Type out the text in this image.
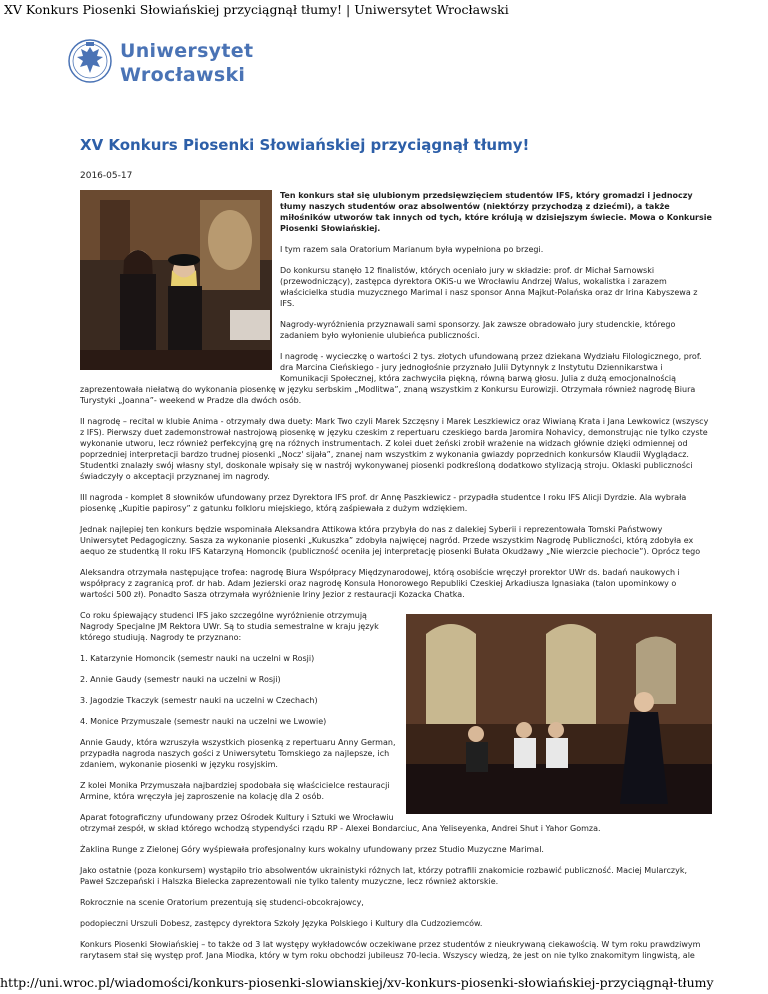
XV Konkurs Piosenki Słowiańskiej przyciągnął tłumy! | Uniwersytet Wrocławski
Uniwersytet
Wrocławski
XV Konkurs Piosenki Słowiańskiej przyciągnął tłumy!
2016-05-17

Ten konkurs stał się ulubionym przedsięwzięciem studentów IFS, który gromadzi i jednoczy tłumy naszych studentów oraz absolwentów (niektórzy przychodzą z dziećmi), a także miłośników utworów tak innych od tych, które królują w dzisiejszym świecie. Mowa o Konkursie Piosenki Słowiańskiej.

I tym razem sala Oratorium Marianum była wypełniona po brzegi.

Do konkursu stanęło 12 finalistów, których oceniało jury w składzie: prof. dr Michał Sarnowski (przewodniczący), zastępca dyrektora OKiS-u we Wrocławiu Andrzej Walus, wokalistka i zarazem właścicielka studia muzycznego Marimal i nasz sponsor Anna Majkut-Polańska oraz dr Irina Kabyszewa z IFS.

Nagrody-wyróżnienia przyznawali sami sponsorzy. Jak zawsze obradowało jury studenckie, którego zadaniem było wyłonienie ulubieńca publiczności.

I nagrodę - wycieczkę o wartości 2 tys. złotych ufundowaną przez dziekana Wydziału Filologicznego, prof. dra Marcina Cieńskiego - jury jednogłośnie przyznało Julii Dytynnyk z Instytutu Dziennikarstwa i Komunikacji Społecznej, która zachwyciła piękną, równą barwą głosu. Julia z dużą emocjonalnością zaprezentowała niełatwą do wykonania piosenkę w języku serbskim „Modlitwa”, znaną wszystkim z Konkursu Eurowizji. Otrzymała również nagrodę Biura Turystyki „Joanna”- weekend w Pradze dla dwóch osób.

II nagrodę – recital w klubie Anima - otrzymały dwa duety: Mark Two czyli Marek Szczęsny i Marek Leszkiewicz oraz Wiwianą Krata i Jana Lewkowicz (wszyscy z IFS). Pierwszy duet zademonstrował nastrojową piosenkę w języku czeskim z repertuaru czeskiego barda Jaromira Nohavicy, demonstrując nie tylko czyste wykonanie utworu, lecz również perfekcyjną grę na różnych instrumentach. Z kolei duet żeński zrobił wrażenie na widzach głównie dzięki odmiennej od poprzedniej interpretacji bardzo trudnej piosenki „Nocz' sijała”, znanej nam wszystkim z wykonania gwiazdy poprzednich konkursów Klaudii Wyglądacz. Studentki znalazły swój własny styl, doskonale wpisały się w nastrój wykonywanej piosenki podkreśloną dodatkowo stylizacją stroju. Oklaski publiczności świadczyły o akceptacji przyznanej im nagrody.

III nagroda - komplet 8 słowników ufundowany przez Dyrektora IFS prof. dr Annę Paszkiewicz - przypadła studentce I roku IFS Alicji Dyrdzie. Ala wybrała piosenkę „Kupitie papirosy” z gatunku folkloru miejskiego, którą zaśpiewała z dużym wdziękiem.

Jednak najlepiej ten konkurs będzie wspominała Aleksandra Attikowa która przybyła do nas z dalekiej Syberii i reprezentowała Tomski Państwowy Uniwersytet Pedagogiczny. Sasza za wykonanie piosenki „Kukuszka” zdobyła najwięcej nagród. Przede wszystkim Nagrodę Publiczności, którą zdobyła ex aequo ze studentką II roku IFS Katarzyną Homoncik (publiczność oceniła jej interpretację piosenki Bułata Okudżawy „Nie wierzcie piechocie”). Oprócz tego

Aleksandra otrzymała następujące trofea: nagrodę Biura Współpracy Międzynarodowej, którą osobiście wręczył prorektor UWr ds. badań naukowych i współpracy z zagranicą prof. dr hab. Adam Jezierski oraz nagrodę Konsula Honorowego Republiki Czeskiej Arkadiusza Ignasiaka (talon upominkowy o wartości 500 zł). Ponadto Sasza otrzymała wyróżnienie Iriny Jezior z restauracji Kozacka Chatka.

Co roku śpiewający studenci IFS jako szczególne wyróżnienie otrzymują Nagrody Specjalne JM Rektora UWr. Są to studia semestralne w kraju język którego studiują. Nagrody te przyznano:

1. Katarzynie Homoncik (semestr nauki na uczelni w Rosji)

2. Annie Gaudy (semestr nauki na uczelni w Rosji)

3. Jagodzie Tkaczyk (semestr nauki na uczelni w Czechach)

4. Monice Przymuszale (semestr nauki na uczelni we Lwowie)

Annie Gaudy, która wzruszyła wszystkich piosenką z repertuaru Anny German, przypadła nagroda naszych gości z Uniwersytetu Tomskiego za najlepsze, ich zdaniem, wykonanie piosenki w języku rosyjskim.

Z kolei Monika Przymuszała najbardziej spodobała się właścicielce restauracji Armine, która wręczyła jej zaproszenie na kolację dla 2 osób.

Aparat fotograficzny ufundowany przez Ośrodek Kultury i Sztuki we Wrocławiu otrzymał zespół, w skład którego wchodzą stypendyści rządu RP - Alexei Bondarciuc, Ana Yeliseyenka, Andrei Shut i Yahor Gomza.

Żaklina Runge z Zielonej Góry wyśpiewała profesjonalny kurs wokalny ufundowany przez Studio Muzyczne Marimal.

Jako ostatnie (poza konkursem) wystąpiło trio absolwentów ukrainistyki różnych lat, którzy potrafili znakomicie rozbawić publiczność. Maciej Mularczyk, Paweł Szczepański i Halszka Bielecka zaprezentowali nie tylko talenty muzyczne, lecz również aktorskie.

Rokrocznie na scenie Oratorium prezentują się studenci-obcokrajowcy,

podopieczni Urszuli Dobesz, zastępcy dyrektora Szkoły Języka Polskiego i Kultury dla Cudzoziemców.

Konkurs Piosenki Słowiańskiej – to także od 3 lat występy wykładowców oczekiwane przez studentów z nieukrywaną ciekawością. W tym roku prawdziwym rarytasem stał się występ prof. Jana Miodka, który w tym roku obchodzi jubileusz 70-lecia. Wszyscy wiedzą, że jest on nie tylko znakomitym lingwistą, ale

http://uni.wroc.pl/wiadomości/konkurs-piosenki-slowianskiej/xv-konkurs-piosenki-słowiańskiej-przyciągnął-tłumy
